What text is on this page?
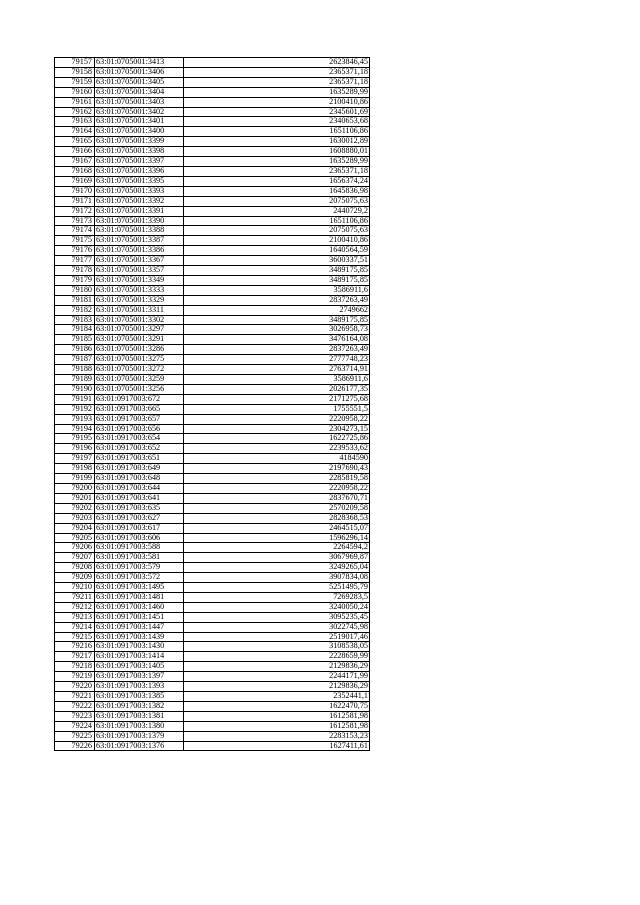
79157	63:01:0705001:3413	2623846,45
79158	63:01:0705001:3406	2365371,18
79159	63:01:0705001:3405	2365371,18
79160	63:01:0705001:3404	1635289,99
79161	63:01:0705001:3403	2100410,86
79162	63:01:0705001:3402	2345601,69
79163	63:01:0705001:3401	2340653,68
79164	63:01:0705001:3400	1651106,86
79165	63:01:0705001:3399	1630012,89
79166	63:01:0705001:3398	1608880,01
79167	63:01:0705001:3397	1635289,99
79168	63:01:0705001:3396	2365371,18
79169	63:01:0705001:3395	1656374,24
79170	63:01:0705001:3393	1645836,98
79171	63:01:0705001:3392	2075075,63
79172	63:01:0705001:3391	2440729,2
79173	63:01:0705001:3390	1651106,86
79174	63:01:0705001:3388	2075075,63
79175	63:01:0705001:3387	2100410,86
79176	63:01:0705001:3386	1640564,59
79177	63:01:0705001:3367	3600337,51
79178	63:01:0705001:3357	3489175,85
79179	63:01:0705001:3349	3489175,85
79180	63:01:0705001:3333	3586911,6
79181	63:01:0705001:3329	2837263,49
79182	63:01:0705001:3311	2749662
79183	63:01:0705001:3302	3489175,85
79184	63:01:0705001:3297	3026958,73
79185	63:01:0705001:3291	3476164,08
79186	63:01:0705001:3286	2837263,49
79187	63:01:0705001:3275	2777748,23
79188	63:01:0705001:3272	2763714,91
79189	63:01:0705001:3259	3586911,6
79190	63:01:0705001:3256	2026177,35
79191	63:01:0917003:672	2171275,68
79192	63:01:0917003:665	1755551,5
79193	63:01:0917003:657	2220958,22
79194	63:01:0917003:656	2304273,15
79195	63:01:0917003:654	1622725,86
79196	63:01:0917003:652	2239533,62
79197	63:01:0917003:651	4184590
79198	63:01:0917003:649	2197690,43
79199	63:01:0917003:648	2285819,58
79200	63:01:0917003:644	2220958,22
79201	63:01:0917003:641	2837670,71
79202	63:01:0917003:635	2570209,58
79203	63:01:0917003:627	2828368,53
79204	63:01:0917003:617	2464515,07
79205	63:01:0917003:606	1596296,14
79206	63:01:0917003:588	2264594,2
79207	63:01:0917003:581	3067969,87
79208	63:01:0917003:579	3249265,04
79209	63:01:0917003:572	3907834,08
79210	63:01:0917003:1495	5251495,79
79211	63:01:0917003:1481	7269283,5
79212	63:01:0917003:1460	3240050,24
79213	63:01:0917003:1451	3095235,45
79214	63:01:0917003:1447	3022745,98
79215	63:01:0917003:1439	2519017,46
79216	63:01:0917003:1430	3108538,05
79217	63:01:0917003:1414	2228659,99
79218	63:01:0917003:1405	2129836,29
79219	63:01:0917003:1397	2244171,99
79220	63:01:0917003:1393	2129836,29
79221	63:01:0917003:1385	2352441,1
79222	63:01:0917003:1382	1622470,75
79223	63:01:0917003:1381	1612581,98
79224	63:01:0917003:1380	1612581,98
79225	63:01:0917003:1379	2283153,23
79226	63:01:0917003:1376	1627411,61
